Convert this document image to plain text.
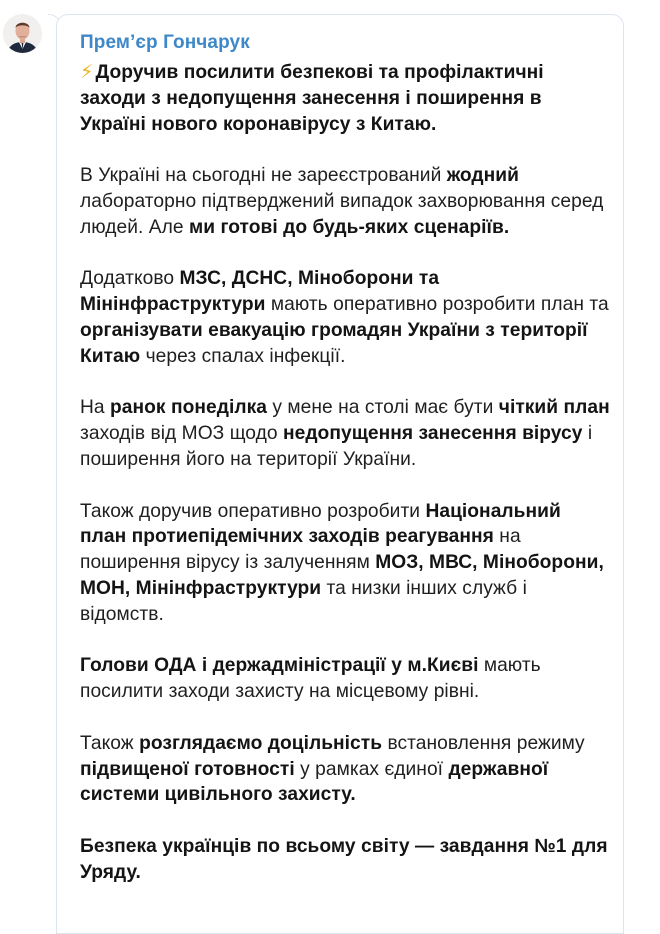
Прем’єр Гончарук
⚡ Доручив посилити безпекові та профілактичні заходи з недопущення занесення і поширення в Україні нового коронавірусу з Китаю.
В Україні на сьогодні не зареєстрований жодний лабораторно підтверджений випадок захворювання серед людей. Але ми готові до будь-яких сценаріїв.
Додатково МЗС, ДСНС, Міноборони та Мінінфраструктури мають оперативно розробити план та організувати евакуацію громадян України з території Китаю через спалах інфекції.
На ранок понеділка у мене на столі має бути чіткий план заходів від МОЗ щодо недопущення занесення вірусу і поширення його на території України.
Також доручив оперативно розробити Національний план протиепідемічних заходів реагування на поширення вірусу із залученням МОЗ, МВС, Міноборони, МОН, Мінінфраструктури та низки інших служб і відомств.
Голови ОДА і держадміністрації у м.Києві мають посилити заходи захисту на місцевому рівні.
Також розглядаємо доцільність встановлення режиму підвищеної готовності у рамках єдиної державної системи цивільного захисту.
Безпека українців по всьому світу — завдання №1 для Уряду.
